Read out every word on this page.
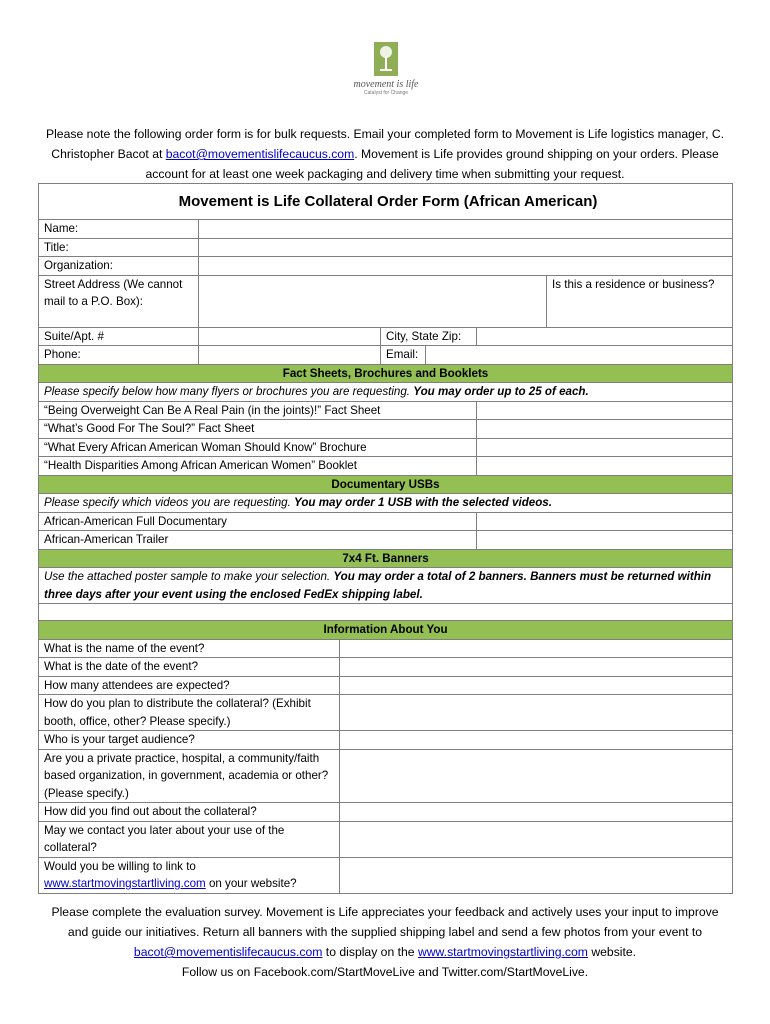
movement is life
Catalyst for Change
Please note the following order form is for bulk requests. Email your completed form to Movement is Life logistics manager, C. Christopher Bacot at bacot@movementislifecaucus.com. Movement is Life provides ground shipping on your orders. Please account for at least one week packaging and delivery time when submitting your request.
Movement is Life Collateral Order Form (African American)						
Name:						
Title:						
Organization:						
Street Address (We cannot mail to a P.O. Box):						Is this a residence or business?
Suite/Apt. #			City, State Zip:			
Phone:			Email:			
Fact Sheets, Brochures and Booklets						
Please specify below how many flyers or brochures you are requesting. You may order up to 25 of each.						
“Being Overweight Can Be A Real Pain (in the joints)!” Fact Sheet						
“What’s Good For The Soul?” Fact Sheet						
“What Every African American Woman Should Know” Brochure						
“Health Disparities Among African American Women” Booklet						
Documentary USBs						
Please specify which videos you are requesting. You may order 1 USB with the selected videos.						
African-American Full Documentary						
African-American Trailer						
7x4 Ft. Banners						
Use the attached poster sample to make your selection. You may order a total of 2 banners. Banners must be returned within three days after your event using the enclosed FedEx shipping label.						

Information About You						
What is the name of the event?						
What is the date of the event?						
How many attendees are expected?						
How do you plan to distribute the collateral? (Exhibit booth, office, other? Please specify.)						
Who is your target audience?						
Are you a private practice, hospital, a community/faith based organization, in government, academia or other? (Please specify.)						
How did you find out about the collateral?						
May we contact you later about your use of the collateral?						
Would you be willing to link to www.startmovingstartliving.com on your website?						
Please complete the evaluation survey. Movement is Life appreciates your feedback and actively uses your input to improve and guide our initiatives. Return all banners with the supplied shipping label and send a few photos from your event to bacot@movementislifecaucus.com to display on the www.startmovingstartliving.com website.
Follow us on Facebook.com/StartMoveLive and Twitter.com/StartMoveLive.
